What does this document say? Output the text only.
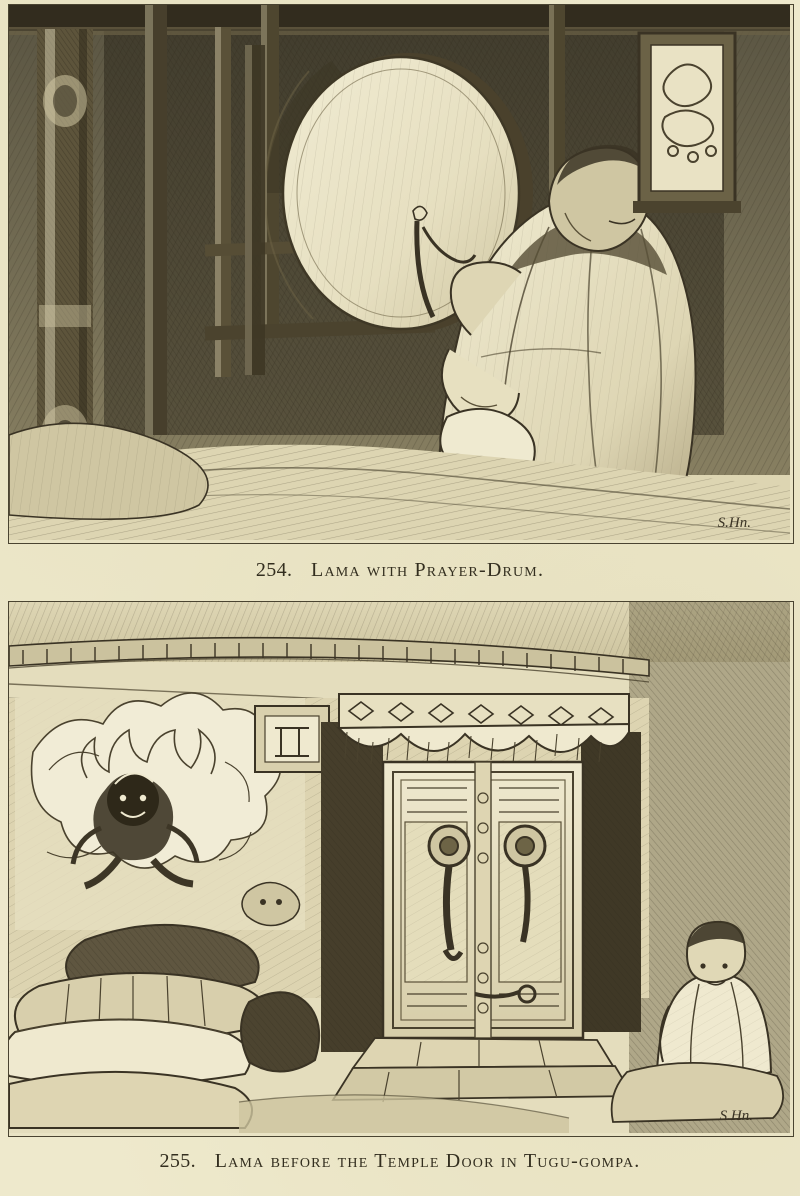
S.Hn.
254. Lama with Prayer-Drum.
S.Hn.
255. Lama before the Temple Door in Tugu-gompa.
